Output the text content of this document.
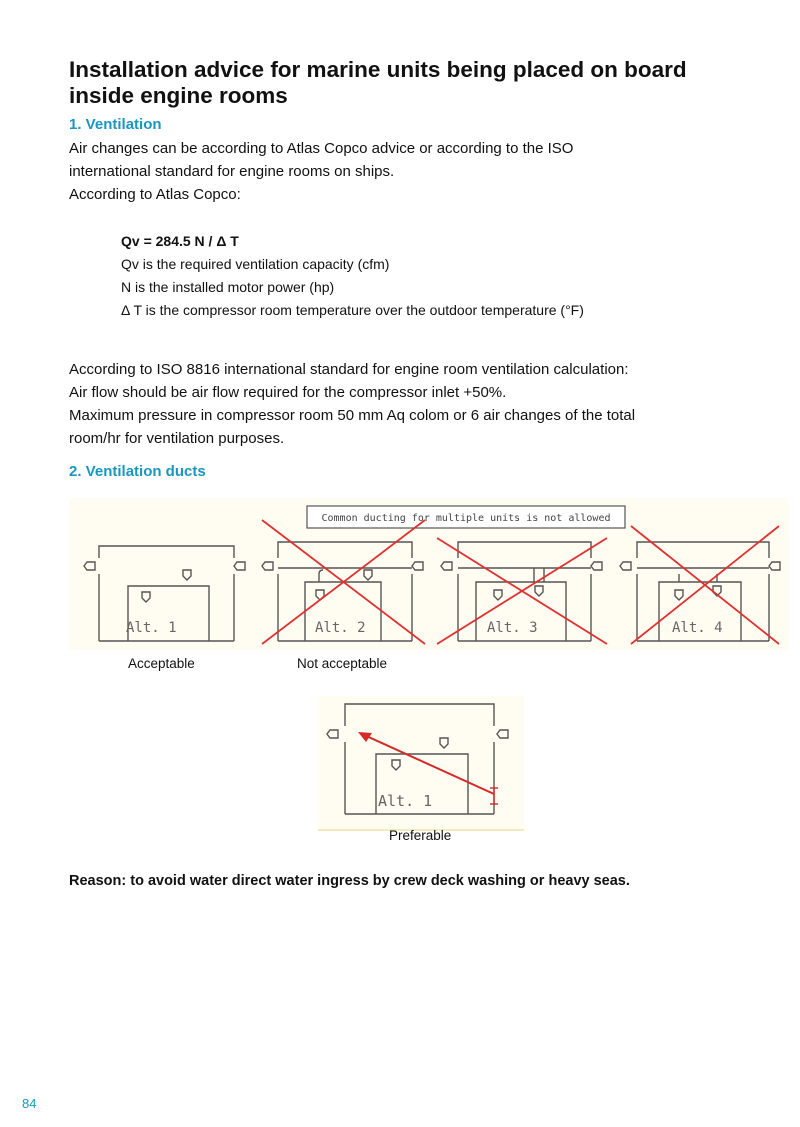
Installation advice for marine units being placed on board inside engine rooms
1. Ventilation
Air changes can be according to Atlas Copco advice or according to the ISO
international standard for engine rooms on ships.
According to Atlas Copco:
Qv = 284.5 N / Δ T
Qv is the required ventilation capacity (cfm)
N is the installed motor power (hp)
Δ T is the compressor room temperature over the outdoor temperature (°F)
According to ISO 8816 international standard for engine room ventilation calculation:
Air flow should be air flow required for the compressor inlet +50%.
Maximum pressure in compressor room 50 mm Aq colom or 6 air changes of the total
room/hr for ventilation purposes.
2. Ventilation ducts
Common ducting for multiple units is not allowed
Alt. 1	Alt. 2	Alt. 3	Alt. 4
Acceptable	Not acceptable
Alt. 1
Preferable
Reason: to avoid water direct water ingress by crew deck washing or heavy seas.
84
